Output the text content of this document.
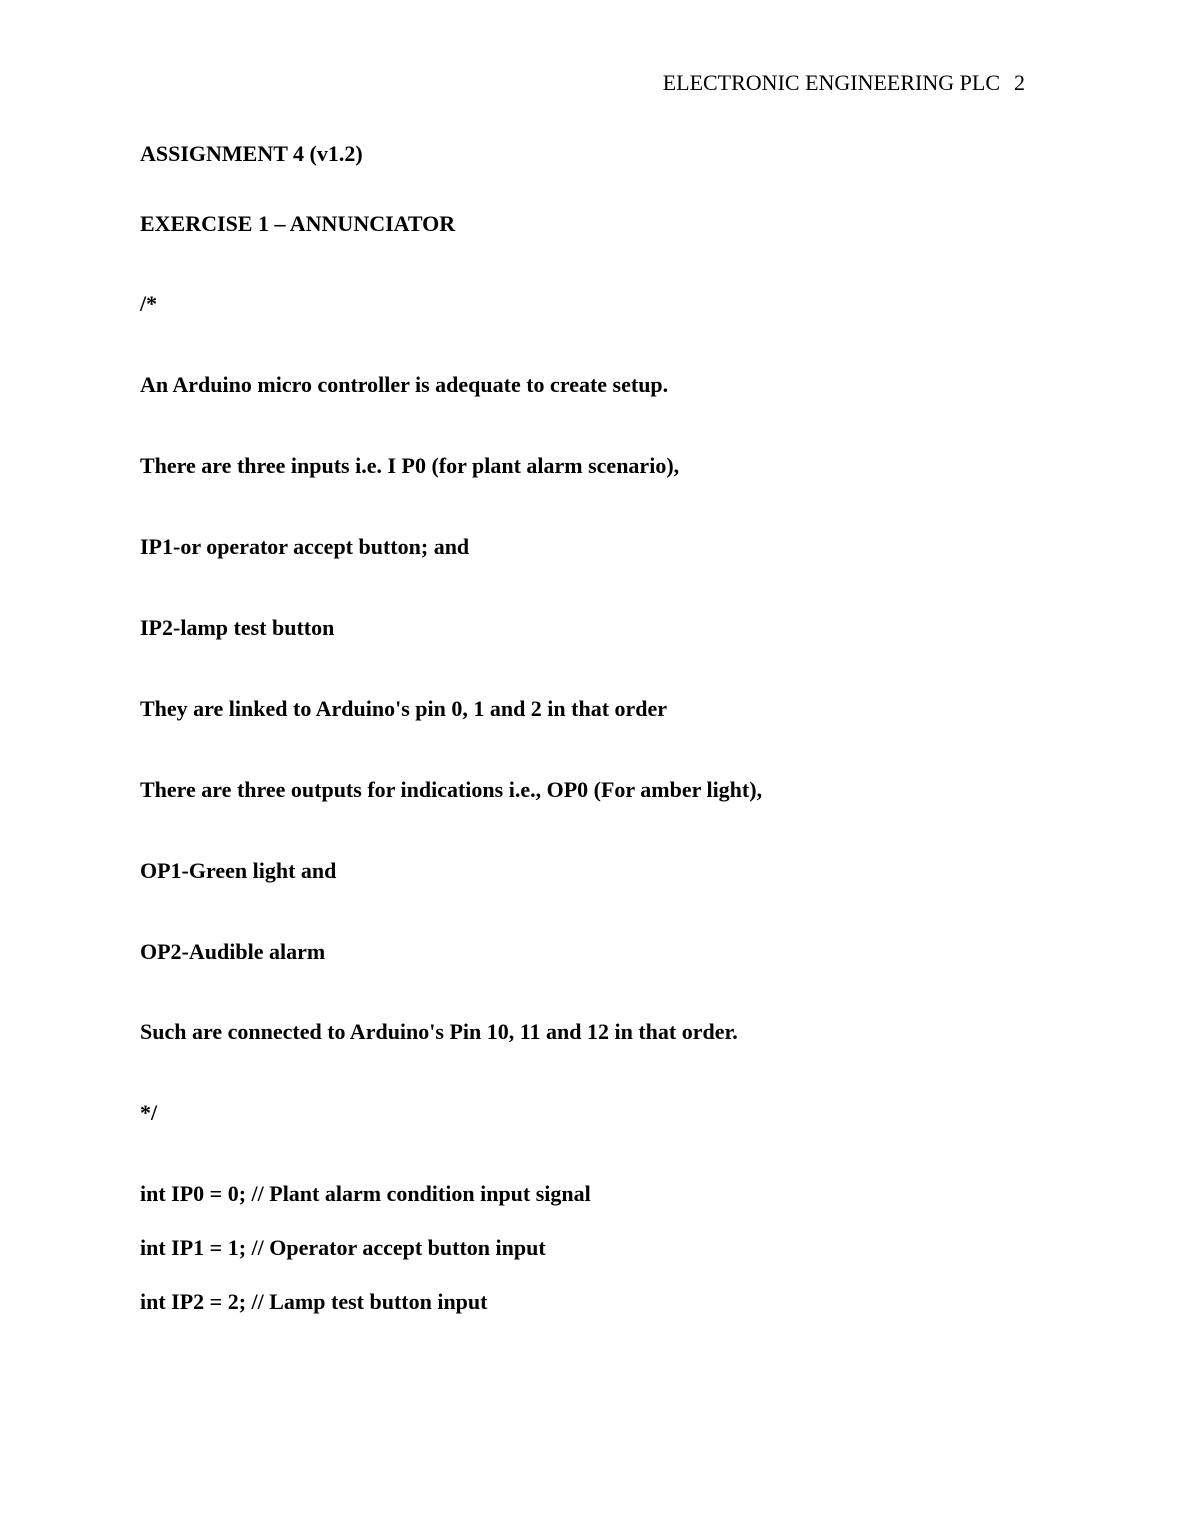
ELECTRONIC ENGINEERING PLC 2
ASSIGNMENT 4 (v1.2)
EXERCISE 1 – ANNUNCIATOR
/*
An Arduino micro controller is adequate to create setup.
There are three inputs i.e. I P0 (for plant alarm scenario),
IP1-or operator accept button; and
IP2-lamp test button
They are linked to Arduino's pin 0, 1 and 2 in that order
There are three outputs for indications i.e., OP0 (For amber light),
OP1-Green light and
OP2-Audible alarm
Such are connected to Arduino's Pin 10, 11 and 12 in that order.
*/
int IP0 = 0; // Plant alarm condition input signal
int IP1 = 1; // Operator accept button input
int IP2 = 2; // Lamp test button input
